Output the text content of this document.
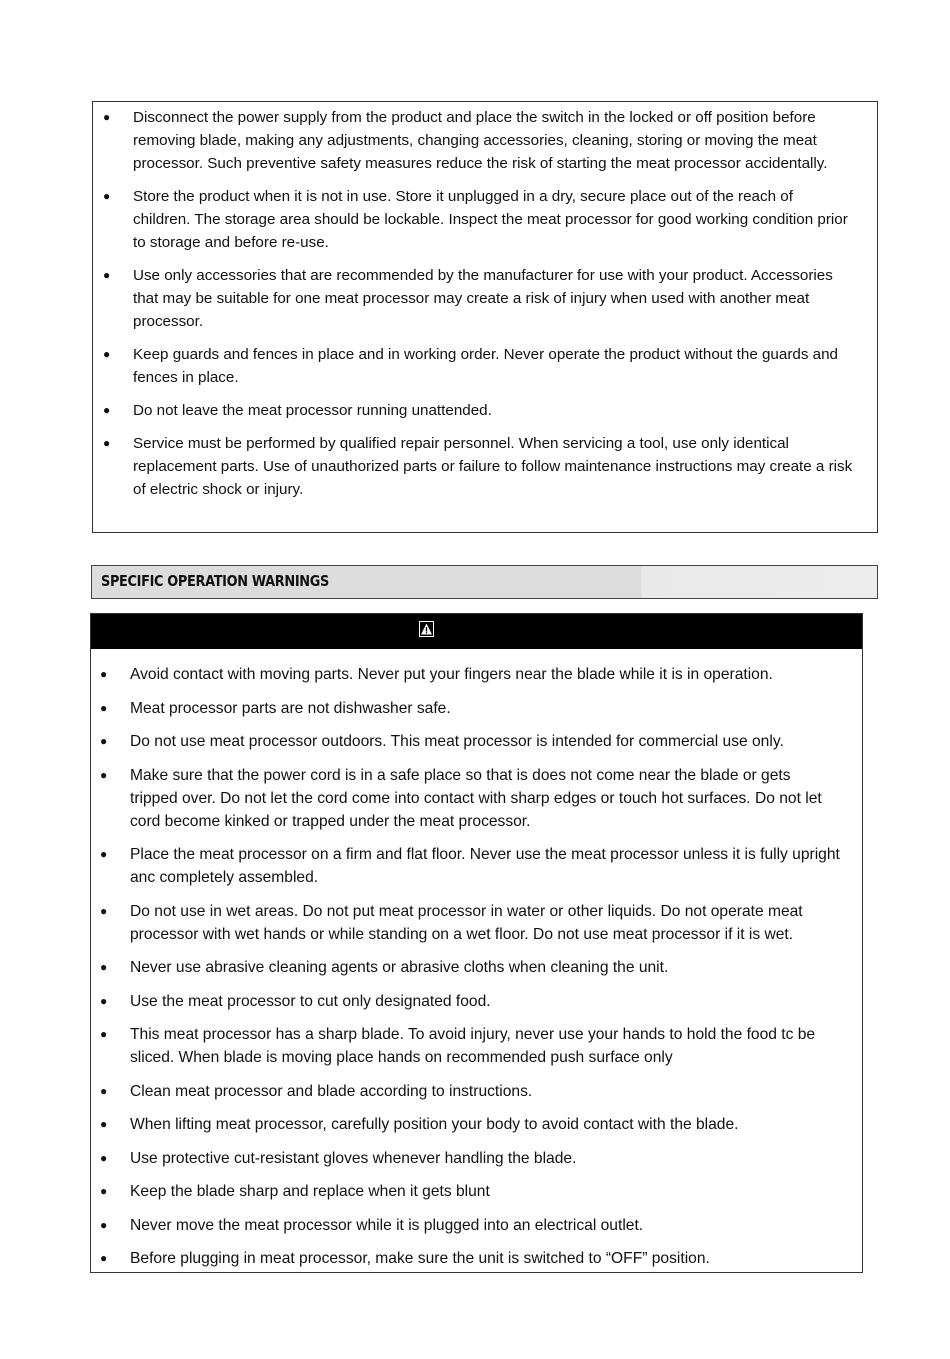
● Disconnect the power supply from the product and place the switch in the locked or off position before removing blade, making any adjustments, changing accessories, cleaning, storing or moving the meat processor. Such preventive safety measures reduce the risk of starting the meat processor accidentally.
● Store the product when it is not in use. Store it unplugged in a dry, secure place out of the reach of children. The storage area should be lockable. Inspect the meat processor for good working condition prior to storage and before re-use.
● Use only accessories that are recommended by the manufacturer for use with your product. Accessories that may be suitable for one meat processor may create a risk of injury when used with another meat processor.
● Keep guards and fences in place and in working order. Never operate the product without the guards and fences in place.
● Do not leave the meat processor running unattended.
● Service must be performed by qualified repair personnel. When servicing a tool, use only identical replacement parts. Use of unauthorized parts or failure to follow maintenance instructions may create a risk of electric shock or injury.
SPECIFIC OPERATION WARNINGS
● Avoid contact with moving parts. Never put your fingers near the blade while it is in operation.
● Meat processor parts are not dishwasher safe.
● Do not use meat processor outdoors. This meat processor is intended for commercial use only.
● Make sure that the power cord is in a safe place so that is does not come near the blade or gets tripped over. Do not let the cord come into contact with sharp edges or touch hot surfaces. Do not let cord become kinked or trapped under the meat processor.
● Place the meat processor on a firm and flat floor. Never use the meat processor unless it is fully upright anc completely assembled.
● Do not use in wet areas. Do not put meat processor in water or other liquids. Do not operate meat processor with wet hands or while standing on a wet floor. Do not use meat processor if it is wet.
● Never use abrasive cleaning agents or abrasive cloths when cleaning the unit.
● Use the meat processor to cut only designated food.
● This meat processor has a sharp blade. To avoid injury, never use your hands to hold the food tc be sliced. When blade is moving place hands on recommended push surface only
● Clean meat processor and blade according to instructions.
● When lifting meat processor, carefully position your body to avoid contact with the blade.
● Use protective cut-resistant gloves whenever handling the blade.
● Keep the blade sharp and replace when it gets blunt
● Never move the meat processor while it is plugged into an electrical outlet.
● Before plugging in meat processor, make sure the unit is switched to “OFF” position.
